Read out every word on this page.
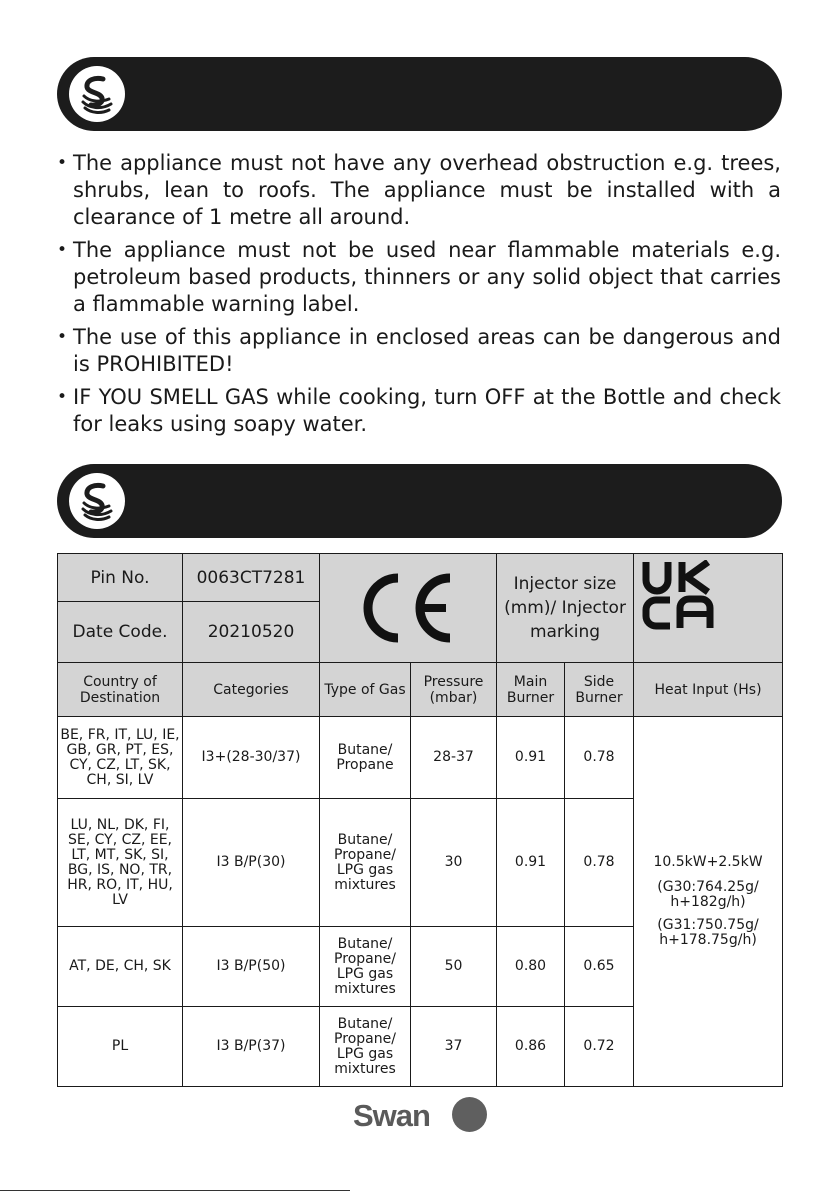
• The appliance must not have any overhead obstruction e.g. trees, shrubs, lean to roofs. The appliance must be installed with a clearance of 1 metre all around.
• The appliance must not be used near flammable materials e.g. petroleum based products, thinners or any solid object that carries a flammable warning label.
• The use of this appliance in enclosed areas can be dangerous and is PROHIBITED!
• IF YOU SMELL GAS while cooking, turn OFF at the Bottle and check for leaks using soapy water.
Pin No.	0063CT7281			Injector size (mm)/ Injector marking	

Date Code.	20210520					
Country of Destination	Categories	Type of Gas	Pressure (mbar)	Main Burner	Side Burner	Heat Input (Hs)
BE, FR, IT, LU, IE, GB, GR, PT, ES, CY, CZ, LT, SK, CH, SI, LV	I3+(28-30/37)	Butane/ Propane	28-37	0.91	0.78	10.5kW+2.5kW
(G30:764.25g/ h+182g/h)
(G31:750.75g/ h+178.75g/h)

LU, NL, DK, FI, SE, CY, CZ, EE, LT, MT, SK, SI, BG, IS, NO, TR, HR, RO, IT, HU, LV	I3 B/P(30)	Butane/ Propane/ LPG gas mixtures	30	0.91	0.78	
AT, DE, CH, SK	I3 B/P(50)	Butane/ Propane/ LPG gas mixtures	50	0.80	0.65	
PL	I3 B/P(37)	Butane/ Propane/ LPG gas mixtures	37	0.86	0.72	
Swan
